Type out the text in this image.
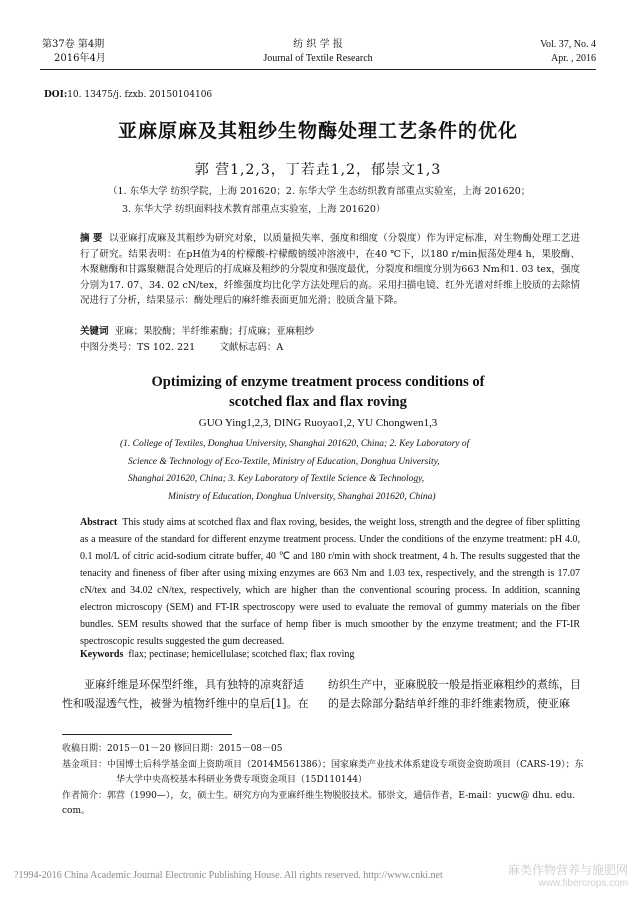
第37卷 第4期
2016年4月
纺 织 学 报
Journal of Textile Research
Vol. 37, No. 4
Apr. , 2016
DOI:10. 13475/j. fzxb. 20150104106
亚麻原麻及其粗纱生物酶处理工艺条件的优化
郭 营1,2,3，丁若垚1,2，郁崇文1,3
（1. 东华大学 纺织学院，上海 201620；2. 东华大学 生态纺织教育部重点实验室，上海 201620；
3. 东华大学 纺织面料技术教育部重点实验室，上海 201620）
摘 要 以亚麻打成麻及其粗纱为研究对象，以质量损失率、强度和细度（分裂度）作为评定标准，对生物酶处理工艺进行了研究。结果表明：在pH值为4的柠檬酸-柠檬酸钠缓冲溶液中，在40 ℃下，以180 r/min振荡处理4 h，果胶酶、木聚糖酶和甘露聚糖混合处理后的打成麻及粗纱的分裂度和强度最优，分裂度和细度分别为663 Nm和1. 03 tex，强度分别为17. 07、34. 02 cN/tex，纤维强度均比化学方法处理后的高。采用扫描电镜、红外光谱对纤维上胶质的去除情况进行了分析，结果显示：酶处理后的麻纤维表面更加光滑；胶质含量下降。
关键词 亚麻；果胶酶；半纤维素酶；打成麻；亚麻粗纱
中图分类号：TS 102. 221	文献标志码：A
Optimizing of enzyme treatment process conditions of scotched flax and flax roving
GUO Ying1,2,3, DING Ruoyao1,2, YU Chongwen1,3
(1. College of Textiles, Donghua University, Shanghai 201620, China; 2. Key Laboratory of
Science & Technology of Eco-Textile, Ministry of Education, Donghua University,
Shanghai 201620, China; 3. Key Laboratory of Textile Science & Technology,
Ministry of Education, Donghua University, Shanghai 201620, China)
Abstract This study aims at scotched flax and flax roving, besides, the weight loss, strength and the degree of fiber splitting as a measure of the standard for different enzyme treatment process. Under the conditions of the enzyme treatment: pH 4.0, 0.1 mol/L of citric acid-sodium citrate buffer, 40 ℃ and 180 r/min with shock treatment, 4 h. The results suggested that the tenacity and fineness of fiber after using mixing enzymes are 663 Nm and 1.03 tex, respectively, and the strength is 17.07 cN/tex and 34.02 cN/tex, respectively, which are higher than the conventional scouring process. In addition, scanning electron microscopy (SEM) and FT-IR spectroscopy were used to evaluate the removal of gummy materials on the fiber bundles. SEM results showed that the surface of hemp fiber is much smoother by the enzyme treatment; and the FT-IR spectroscopic results suggested the gum decreased.
Keywords flax; pectinase; hemicellulase; scotched flax; flax roving

亚麻纤维是环保型纤维，具有独特的凉爽舒适性和吸湿透气性，被誉为植物纤维中的皇后[1]。在

纺织生产中，亚麻脱胶一般是指亚麻粗纱的煮练，目的是去除部分黏结单纤维的非纤维素物质，使亚麻

收稿日期：2015－01－20 修回日期：2015－08－05
基金项目：中国博士后科学基金面上资助项目（2014M561386）；国家麻类产业技术体系建设专项资金资助项目（CARS-19）；东
华大学中央高校基本科研业务费专项资金项目（15D110144）
作者简介：郭营（1990—），女，硕士生。研究方向为亚麻纤维生物脱胶技术。郁崇文，通信作者，E-mail：yucw@ dhu. edu. com。
?1994-2016 China Academic Journal Electronic Publishing House. All rights reserved. http://www.cnki.net	麻类作物营养与施肥网
www.fibercrops.com
